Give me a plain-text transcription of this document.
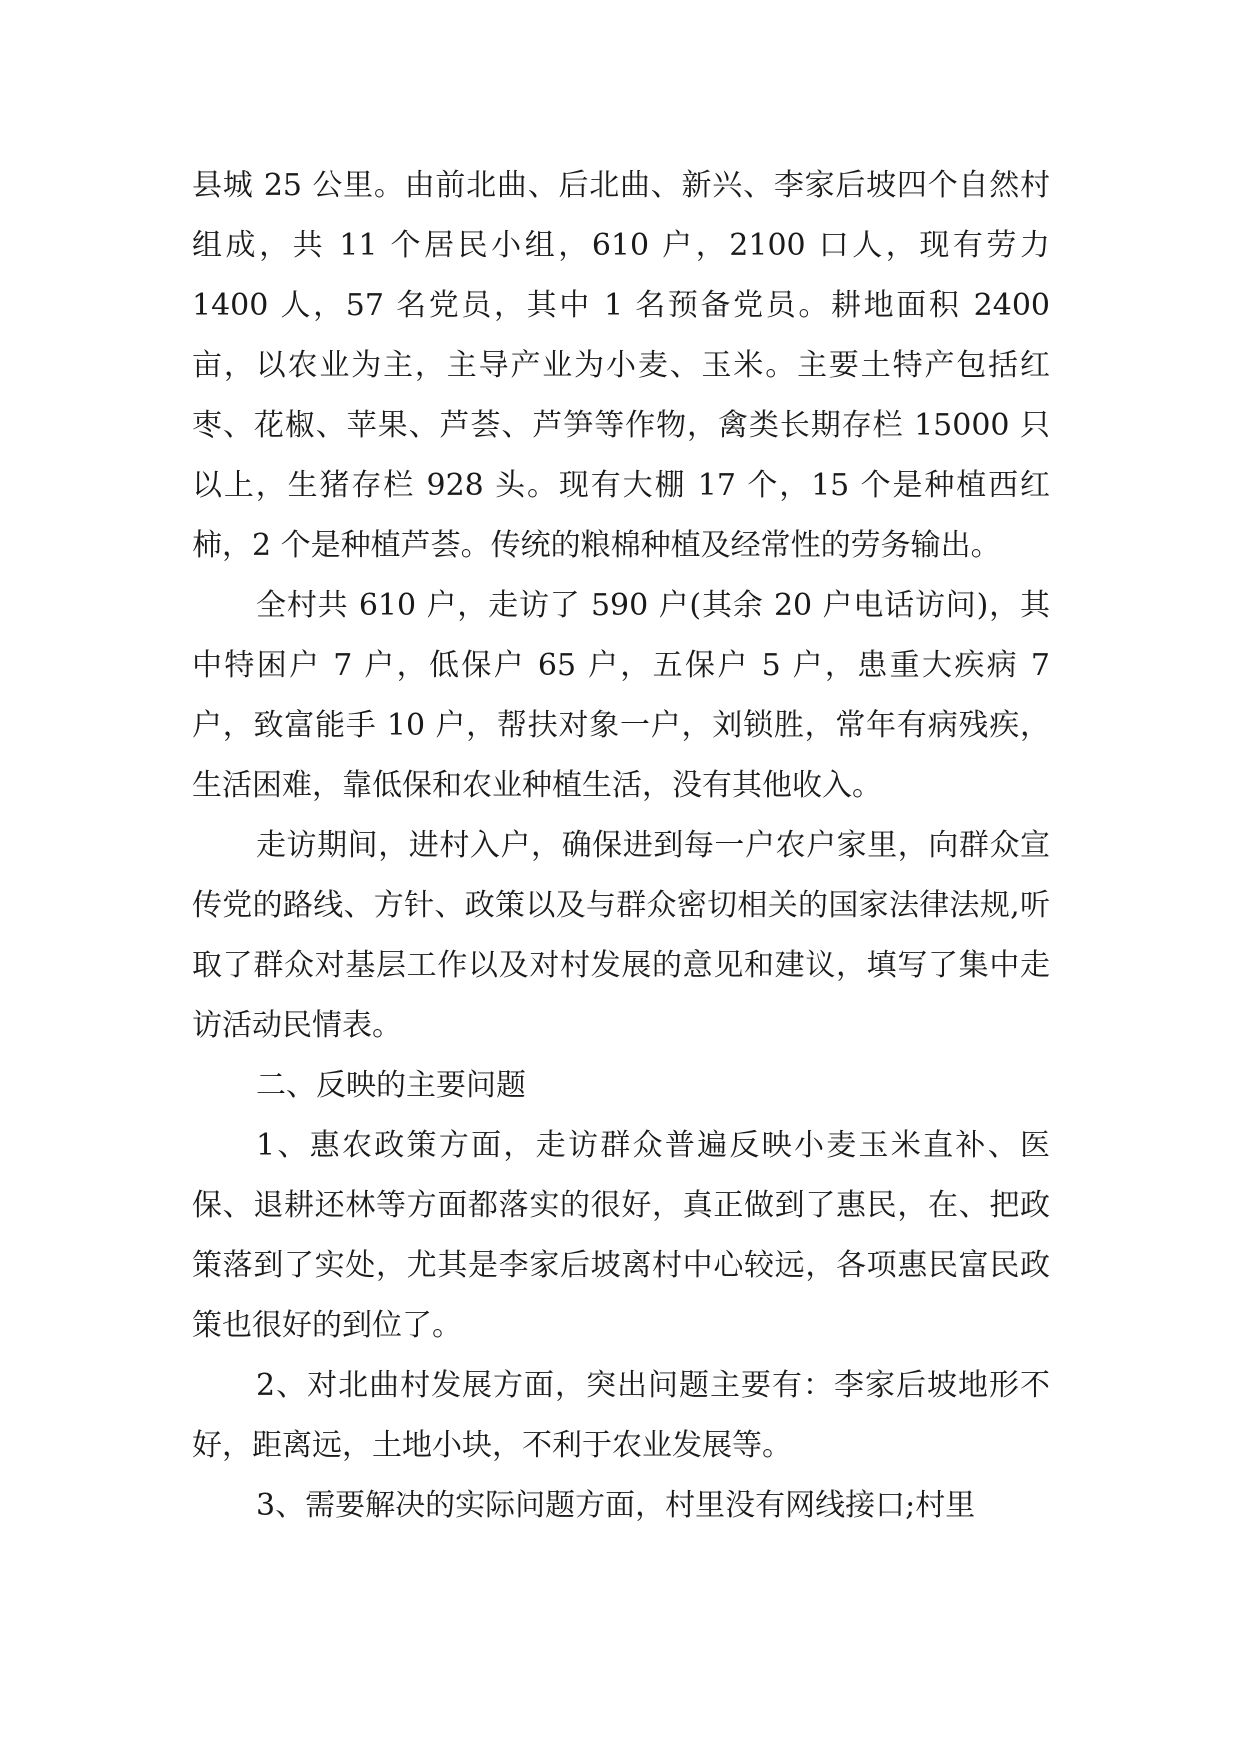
县城 25 公里。由前北曲、后北曲、新兴、李家后坡四个自然村组成，共 11 个居民小组，610 户，2100 口人，现有劳力 1400 人，57 名党员，其中 1 名预备党员。耕地面积 2400 亩，以农业为主，主导产业为小麦、玉米。主要土特产包括红枣、花椒、苹果、芦荟、芦笋等作物，禽类长期存栏 15000 只以上，生猪存栏 928 头。现有大棚 17 个，15 个是种植西红柿，2 个是种植芦荟。传统的粮棉种植及经常性的劳务输出。

全村共 610 户，走访了 590 户(其余 20 户电话访问)，其中特困户 7 户，低保户 65 户，五保户 5 户，患重大疾病 7 户，致富能手 10 户，帮扶对象一户，刘锁胜，常年有病残疾，生活困难，靠低保和农业种植生活，没有其他收入。

走访期间，进村入户，确保进到每一户农户家里，向群众宣传党的路线、方针、政策以及与群众密切相关的国家法律法规,听取了群众对基层工作以及对村发展的意见和建议，填写了集中走访活动民情表。

二、反映的主要问题

1、惠农政策方面，走访群众普遍反映小麦玉米直补、医保、退耕还林等方面都落实的很好，真正做到了惠民，在、把政策落到了实处，尤其是李家后坡离村中心较远，各项惠民富民政策也很好的到位了。

2、对北曲村发展方面，突出问题主要有：李家后坡地形不好，距离远，土地小块，不利于农业发展等。

3、需要解决的实际问题方面，村里没有网线接口;村里
